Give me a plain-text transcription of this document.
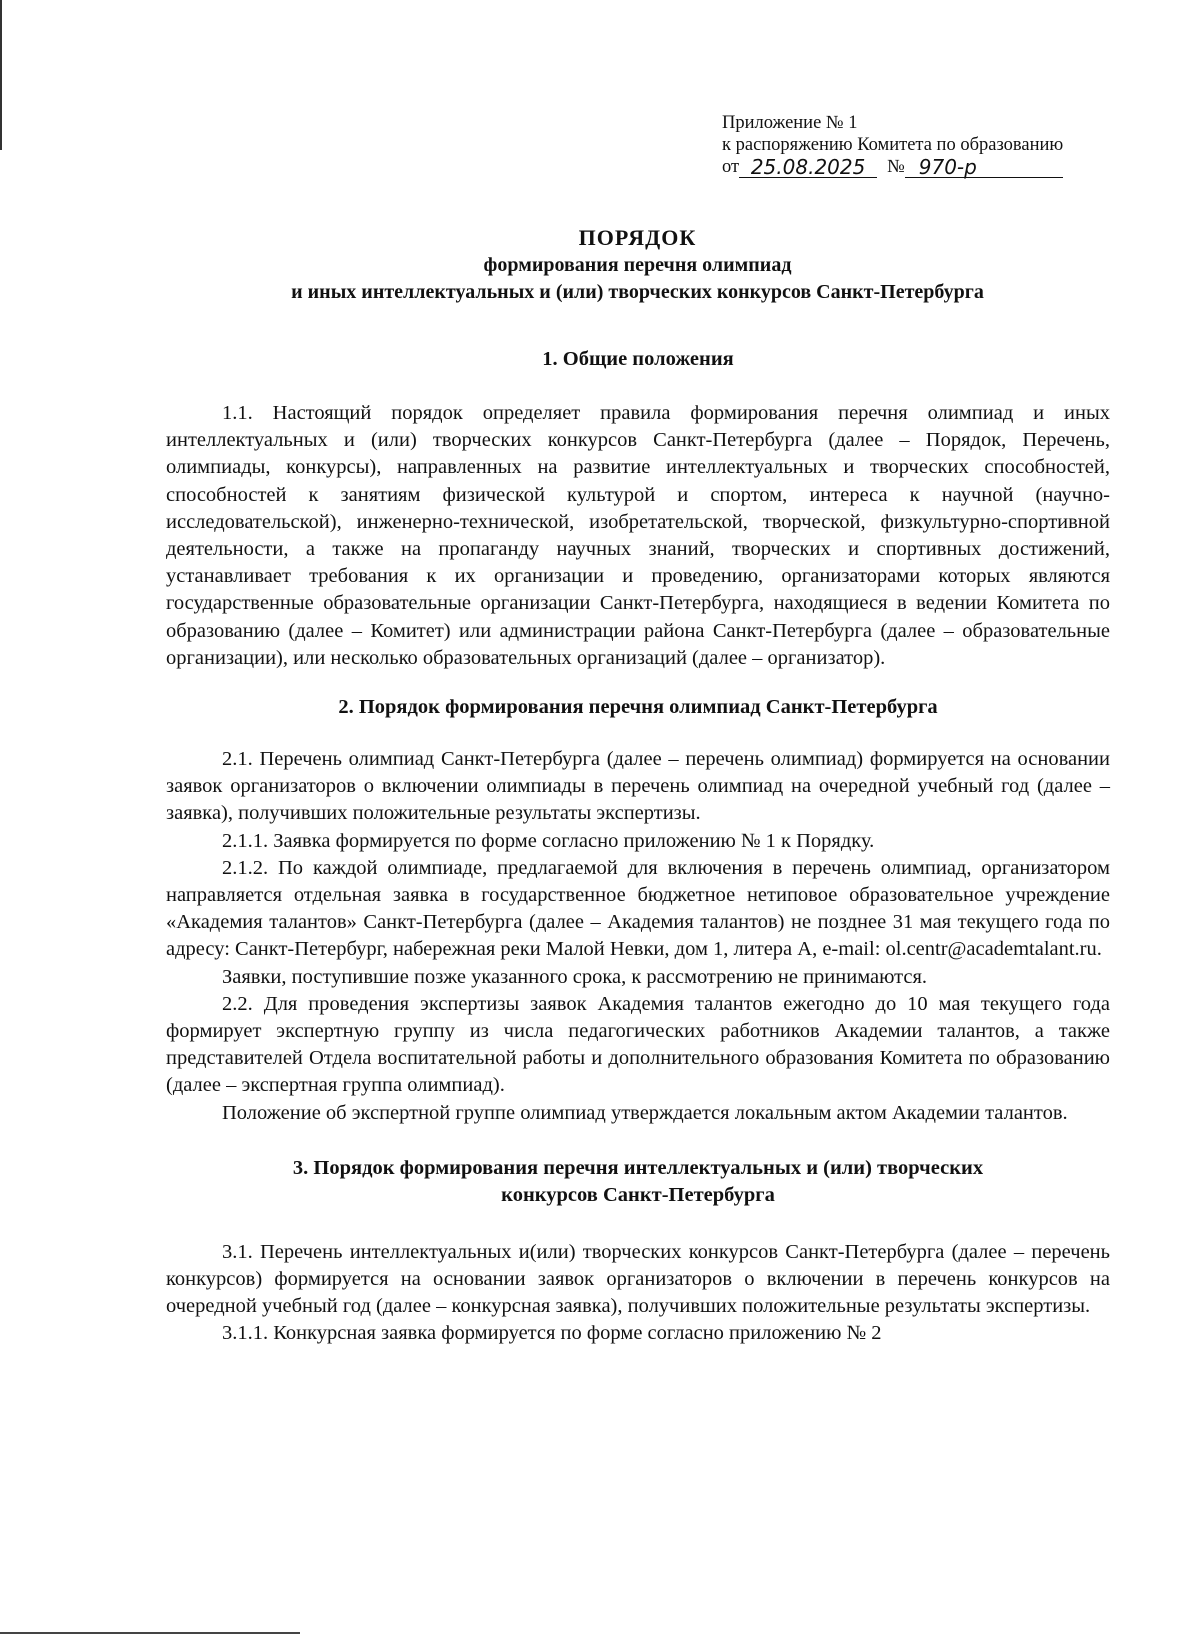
Приложение № 1
к распоряжению Комитета по образованию
от 25.08.2025	№ 970-р
ПОРЯДОК
формирования перечня олимпиад
и иных интеллектуальных и (или) творческих конкурсов Санкт-Петербурга
1. Общие положения

1.1. Настоящий порядок определяет правила формирования перечня олимпиад и иных интеллектуальных и (или) творческих конкурсов Санкт-Петербурга (далее – Порядок, Перечень, олимпиады, конкурсы), направленных на развитие интеллектуальных и творческих способностей, способностей к занятиям физической культурой и спортом, интереса к научной (научно-исследовательской), инженерно-технической, изобретательской, творческой, физкультурно-спортивной деятельности, а также на пропаганду научных знаний, творческих и спортивных достижений, устанавливает требования к их организации и проведению, организаторами которых являются государственные образовательные организации Санкт-Петербурга, находящиеся в ведении Комитета по образованию (далее – Комитет) или администрации района Санкт-Петербурга (далее – образовательные организации), или несколько образовательных организаций (далее – организатор).

2. Порядок формирования перечня олимпиад Санкт-Петербурга

2.1. Перечень олимпиад Санкт-Петербурга (далее – перечень олимпиад) формируется на основании заявок организаторов о включении олимпиады в перечень олимпиад на очередной учебный год (далее – заявка), получивших положительные результаты экспертизы.

2.1.1. Заявка формируется по форме согласно приложению № 1 к Порядку.

2.1.2. По каждой олимпиаде, предлагаемой для включения в перечень олимпиад, организатором направляется отдельная заявка в государственное бюджетное нетиповое образовательное учреждение «Академия талантов» Санкт-Петербурга (далее – Академия талантов) не позднее 31 мая текущего года по адресу: Санкт-Петербург, набережная реки Малой Невки, дом 1, литера А, e-mail: ol.centr@academtalant.ru.

Заявки, поступившие позже указанного срока, к рассмотрению не принимаются.

2.2. Для проведения экспертизы заявок Академия талантов ежегодно до 10 мая текущего года формирует экспертную группу из числа педагогических работников Академии талантов, а также представителей Отдела воспитательной работы и дополнительного образования Комитета по образованию (далее – экспертная группа олимпиад).

Положение об экспертной группе олимпиад утверждается локальным актом Академии талантов.

3. Порядок формирования перечня интеллектуальных и (или) творческих
конкурсов Санкт-Петербурга

3.1. Перечень интеллектуальных и(или) творческих конкурсов Санкт-Петербурга (далее – перечень конкурсов) формируется на основании заявок организаторов о включении в перечень конкурсов на очередной учебный год (далее – конкурсная заявка), получивших положительные результаты экспертизы.

3.1.1. Конкурсная заявка формируется по форме согласно приложению № 2
